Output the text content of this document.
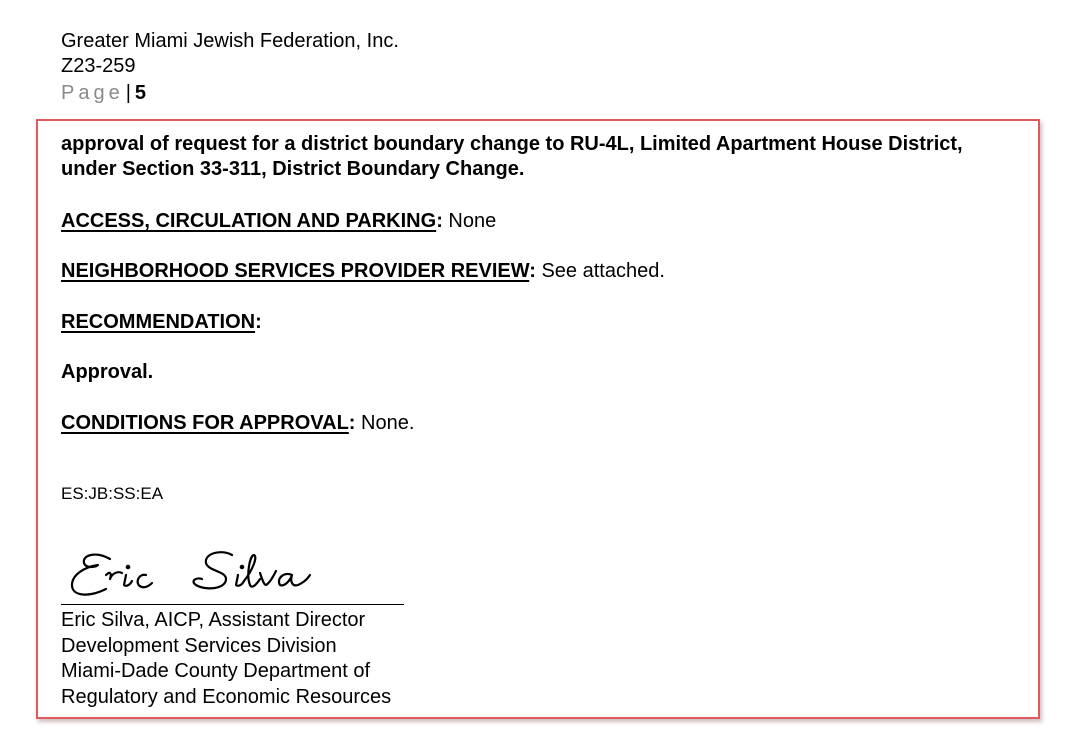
Greater Miami Jewish Federation, Inc.
Z23-259
Page | 5

approval of request for a district boundary change to RU-4L, Limited Apartment House District, under Section 33-311, District Boundary Change.

ACCESS, CIRCULATION AND PARKING: None

NEIGHBORHOOD SERVICES PROVIDER REVIEW: See attached.

RECOMMENDATION:

Approval.

CONDITIONS FOR APPROVAL: None.

ES:JB:SS:EA
Eric Silva, AICP, Assistant Director
Development Services Division
Miami-Dade County Department of
Regulatory and Economic Resources
